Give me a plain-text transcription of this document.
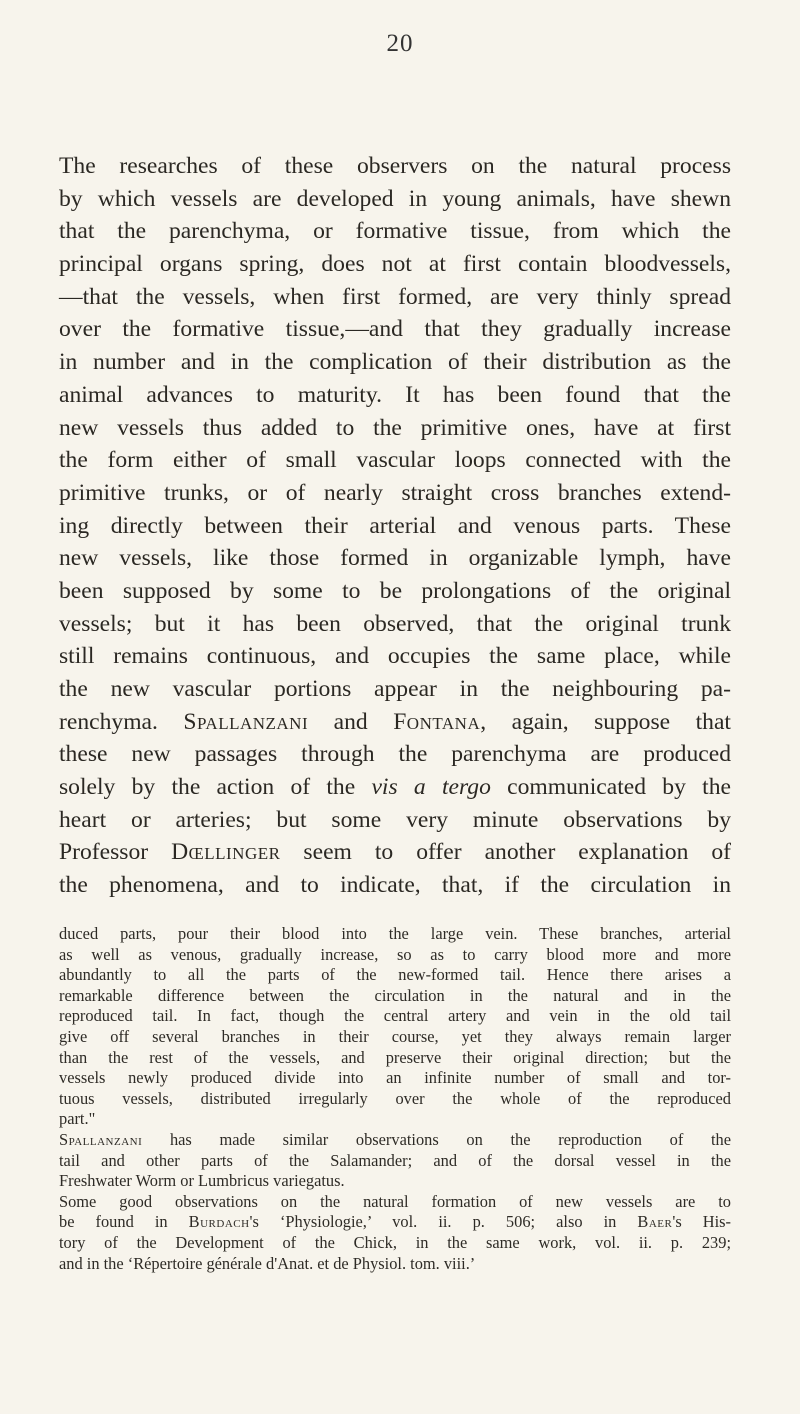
20
The researches of these observers on the natural process
by which vessels are developed in young animals, have shewn
that the parenchyma, or formative tissue, from which the
principal organs spring, does not at first contain bloodvessels,
—that the vessels, when first formed, are very thinly spread
over the formative tissue,—and that they gradually increase
in number and in the complication of their distribution as the
animal advances to maturity. It has been found that the
new vessels thus added to the primitive ones, have at first
the form either of small vascular loops connected with the
primitive trunks, or of nearly straight cross branches extend-
ing directly between their arterial and venous parts. These
new vessels, like those formed in organizable lymph, have
been supposed by some to be prolongations of the original
vessels; but it has been observed, that the original trunk
still remains continuous, and occupies the same place, while
the new vascular portions appear in the neighbouring pa-
renchyma. Spallanzani and Fontana, again, suppose that
these new passages through the parenchyma are produced
solely by the action of the vis a tergo communicated by the
heart or arteries; but some very minute observations by
Professor Dœllinger seem to offer another explanation of
the phenomena, and to indicate, that, if the circulation in
duced parts, pour their blood into the large vein. These branches, arterial
as well as venous, gradually increase, so as to carry blood more and more
abundantly to all the parts of the new-formed tail. Hence there arises a
remarkable difference between the circulation in the natural and in the
reproduced tail. In fact, though the central artery and vein in the old tail
give off several branches in their course, yet they always remain larger
than the rest of the vessels, and preserve their original direction; but the
vessels newly produced divide into an infinite number of small and tor-
tuous vessels, distributed irregularly over the whole of the reproduced
part."
Spallanzani has made similar observations on the reproduction of the
tail and other parts of the Salamander; and of the dorsal vessel in the
Freshwater Worm or Lumbricus variegatus.
Some good observations on the natural formation of new vessels are to
be found in Burdach's ‘Physiologie,’ vol. ii. p. 506; also in Baer's His-
tory of the Development of the Chick, in the same work, vol. ii. p. 239;
and in the ‘Répertoire générale d'Anat. et de Physiol. tom. viii.’
